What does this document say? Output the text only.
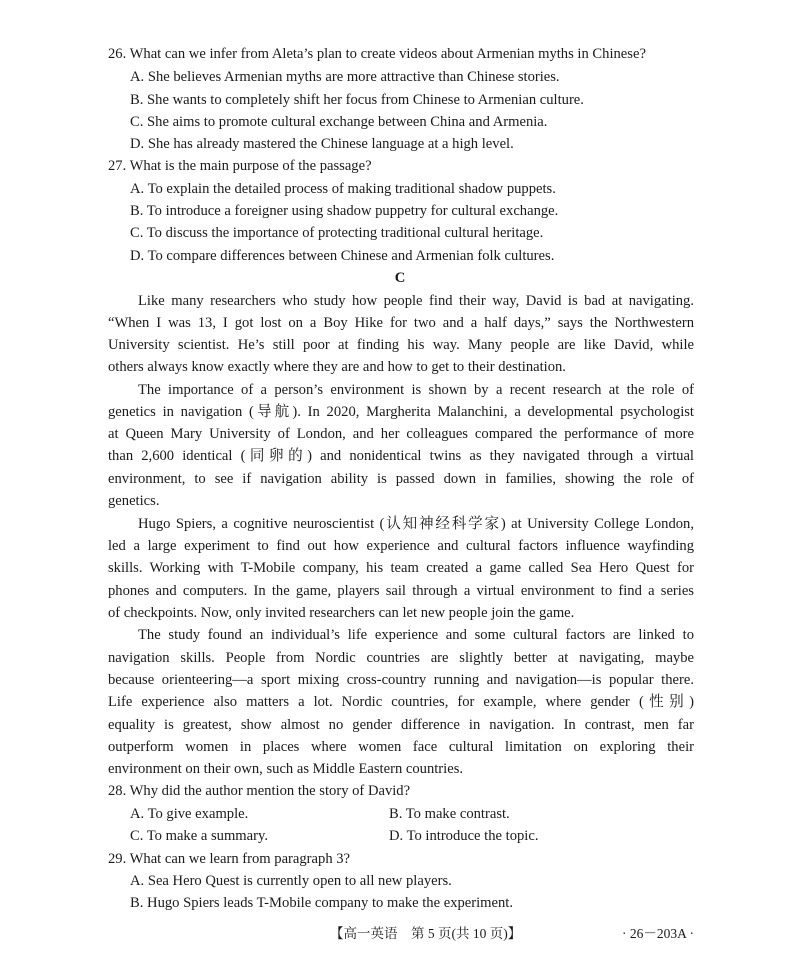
26. What can we infer from Aleta’s plan to create videos about Armenian myths in Chinese?
A. She believes Armenian myths are more attractive than Chinese stories.
B. She wants to completely shift her focus from Chinese to Armenian culture.
C. She aims to promote cultural exchange between China and Armenia.
D. She has already mastered the Chinese language at a high level.
27. What is the main purpose of the passage?
A. To explain the detailed process of making traditional shadow puppets.
B. To introduce a foreigner using shadow puppetry for cultural exchange.
C. To discuss the importance of protecting traditional cultural heritage.
D. To compare differences between Chinese and Armenian folk cultures.
C
Like many researchers who study how people find their way, David is bad at navigating.
“When I was 13, I got lost on a Boy Hike for two and a half days,” says the Northwestern
University scientist. He’s still poor at finding his way. Many people are like David, while
others always know exactly where they are and how to get to their destination.
The importance of a person’s environment is shown by a recent research at the role of
genetics in navigation (导航). In 2020, Margherita Malanchini, a developmental psychologist
at Queen Mary University of London, and her colleagues compared the performance of more
than 2,600 identical (同卵的) and nonidentical twins as they navigated through a virtual
environment, to see if navigation ability is passed down in families, showing the role of
genetics.
Hugo Spiers, a cognitive neuroscientist (认知神经科学家) at University College London,
led a large experiment to find out how experience and cultural factors influence wayfinding
skills. Working with T-Mobile company, his team created a game called Sea Hero Quest for
phones and computers. In the game, players sail through a virtual environment to find a series
of checkpoints. Now, only invited researchers can let new people join the game.
The study found an individual’s life experience and some cultural factors are linked to
navigation skills. People from Nordic countries are slightly better at navigating, maybe
because orienteering—a sport mixing cross-country running and navigation—is popular there.
Life experience also matters a lot. Nordic countries, for example, where gender (性别)
equality is greatest, show almost no gender difference in navigation. In contrast, men far
outperform women in places where women face cultural limitation on exploring their
environment on their own, such as Middle Eastern countries.
28. Why did the author mention the story of David?
A. To give example.	B. To make contrast.
C. To make a summary.	D. To introduce the topic.
29. What can we learn from paragraph 3?
A. Sea Hero Quest is currently open to all new players.
B. Hugo Spiers leads T-Mobile company to make the experiment.
【高一英语　第 5 页(共 10 页)】	· 26－203A ·
